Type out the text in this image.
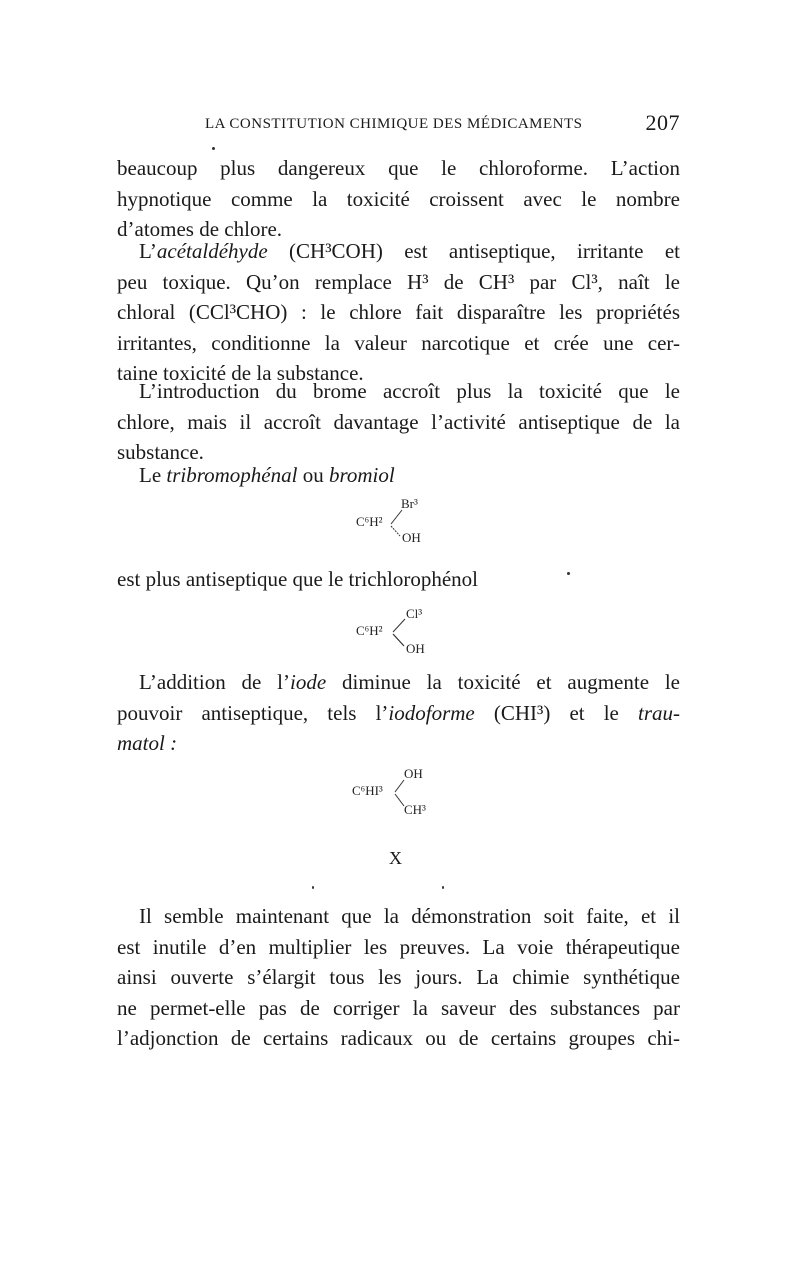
LA CONSTITUTION CHIMIQUE DES MÉDICAMENTS	207
beaucoup plus dangereux que le chloroforme. L’action
hypnotique comme la toxicité croissent avec le nombre
d’atomes de chlore.
L’acétaldéhyde (CH³COH) est antiseptique, irritante et
peu toxique. Qu’on remplace H³ de CH³ par Cl³, naît le
chloral (CCl³CHO) : le chlore fait disparaître les propriétés
irritantes, conditionne la valeur narcotique et crée une cer-
taine toxicité de la substance.
L’introduction du brome accroît plus la toxicité que le
chlore, mais il accroît davantage l’activité antiseptique de la
substance.
Le tribromophénal ou bromiol
C⁶H²
Br³
OH
est plus antiseptique que le trichlorophénol
C⁶H²
Cl³
OH
L’addition de l’iode diminue la toxicité et augmente le
pouvoir antiseptique, tels l’iodoforme (CHI³) et le trau-
matol :
C⁶HI³
OH
CH³
X
Il semble maintenant que la démonstration soit faite, et il
est inutile d’en multiplier les preuves. La voie thérapeutique
ainsi ouverte s’élargit tous les jours. La chimie synthétique
ne permet-elle pas de corriger la saveur des substances par
l’adjonction de certains radicaux ou de certains groupes chi-
